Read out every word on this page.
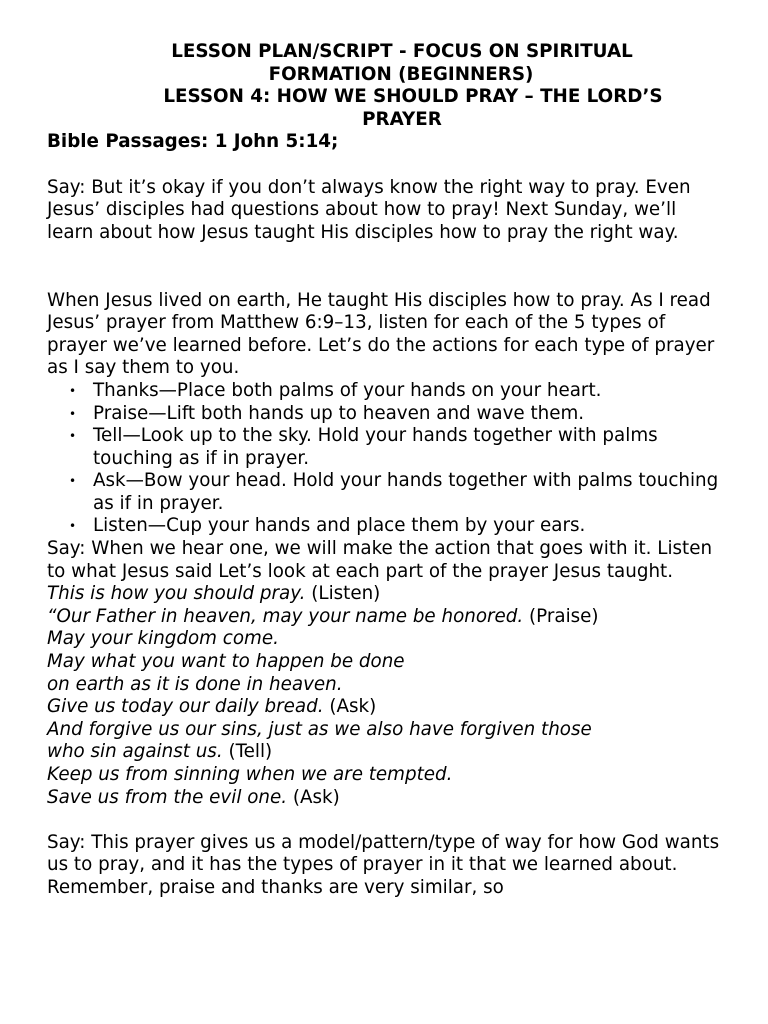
LESSON PLAN/SCRIPT - FOCUS ON SPIRITUAL
FORMATION (BEGINNERS)
LESSON 4: HOW WE SHOULD PRAY – THE LORD’S
PRAYER

Bible Passages: 1 John 5:14;

Say: But it’s okay if you don’t always know the right way to pray. Even Jesus’ disciples had questions about how to pray! Next Sunday, we’ll learn about how Jesus taught His disciples how to pray the right way.

When Jesus lived on earth, He taught His disciples how to pray. As I read Jesus’ prayer from Matthew 6:9–13, listen for each of the 5 types of prayer we’ve learned before. Let’s do the actions for each type of prayer as I say them to you.

• Thanks—Place both palms of your hands on your heart.
• Praise—Lift both hands up to heaven and wave them.
• Tell—Look up to the sky. Hold your hands together with palms touching as if in prayer.
• Ask—Bow your head. Hold your hands together with palms touching as if in prayer.
• Listen—Cup your hands and place them by your ears.

Say: When we hear one, we will make the action that goes with it. Listen to what Jesus said Let’s look at each part of the prayer Jesus taught.

This is how you should pray. (Listen)

“Our Father in heaven, may your name be honored. (Praise)

May your kingdom come.

May what you want to happen be done

on earth as it is done in heaven.

Give us today our daily bread. (Ask)

And forgive us our sins, just as we also have forgiven those

who sin against us. (Tell)

Keep us from sinning when we are tempted.

Save us from the evil one. (Ask)

Say: This prayer gives us a model/pattern/type of way for how God wants us to pray, and it has the types of prayer in it that we learned about. Remember, praise and thanks are very similar, so
